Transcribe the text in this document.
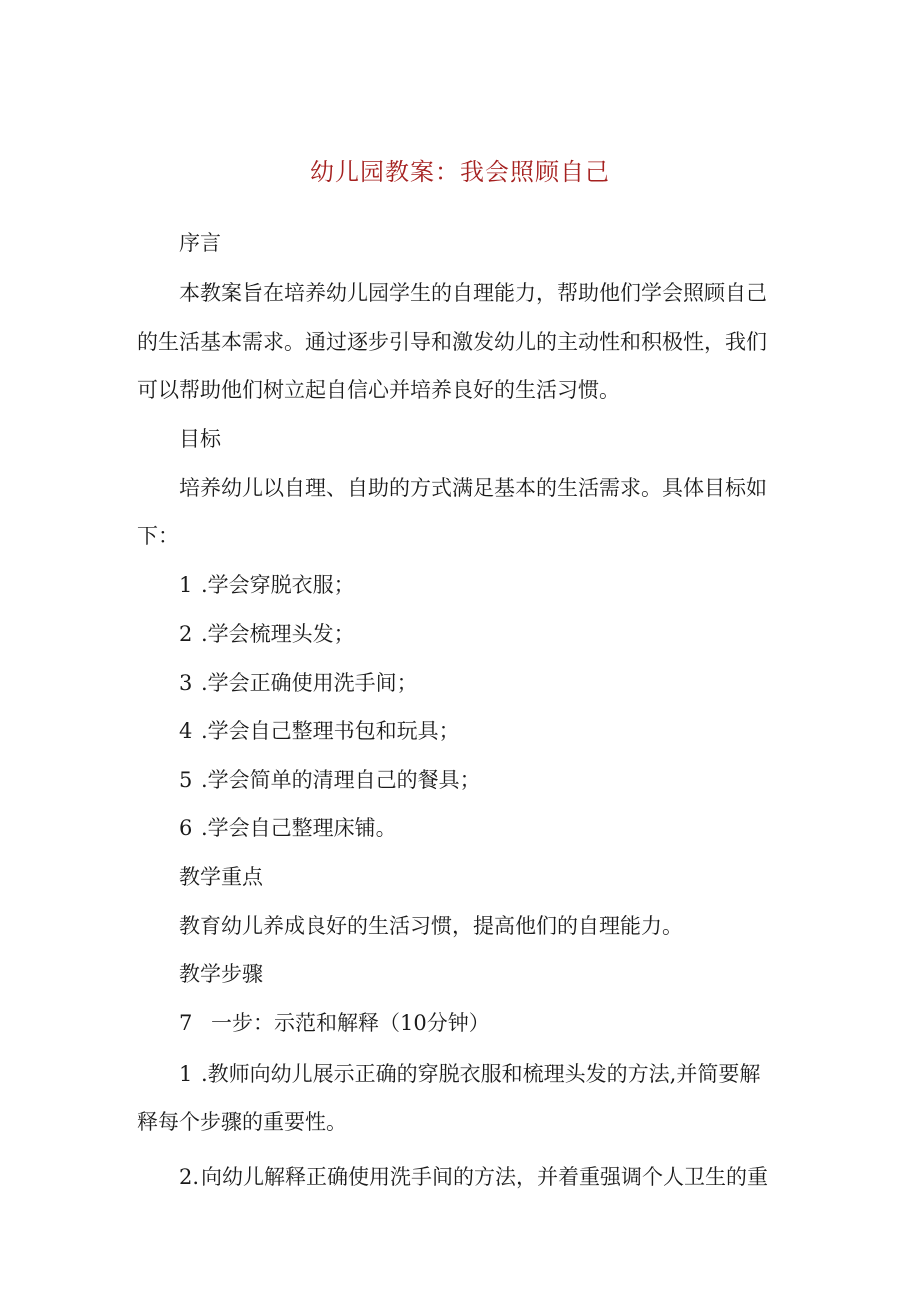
幼儿园教案：我会照顾自己
序言
本教案旨在培养幼儿园学生的自理能力，帮助他们学会照顾自己
的生活基本需求。通过逐步引导和激发幼儿的主动性和积极性，我们
可以帮助他们树立起自信心并培养良好的生活习惯。
目标
培养幼儿以自理、自助的方式满足基本的生活需求。具体目标如
下：
1 .学会穿脱衣服；
2 .学会梳理头发；
3 .学会正确使用洗手间；
4 .学会自己整理书包和玩具；
5 .学会简单的清理自己的餐具；
6 .学会自己整理床铺。
教学重点
教育幼儿养成良好的生活习惯，提高他们的自理能力。
教学步骤
7 一步：示范和解释（10分钟）
1 .教师向幼儿展示正确的穿脱衣服和梳理头发的方法,并简要解
释每个步骤的重要性。
2.向幼儿解释正确使用洗手间的方法，并着重强调个人卫生的重
